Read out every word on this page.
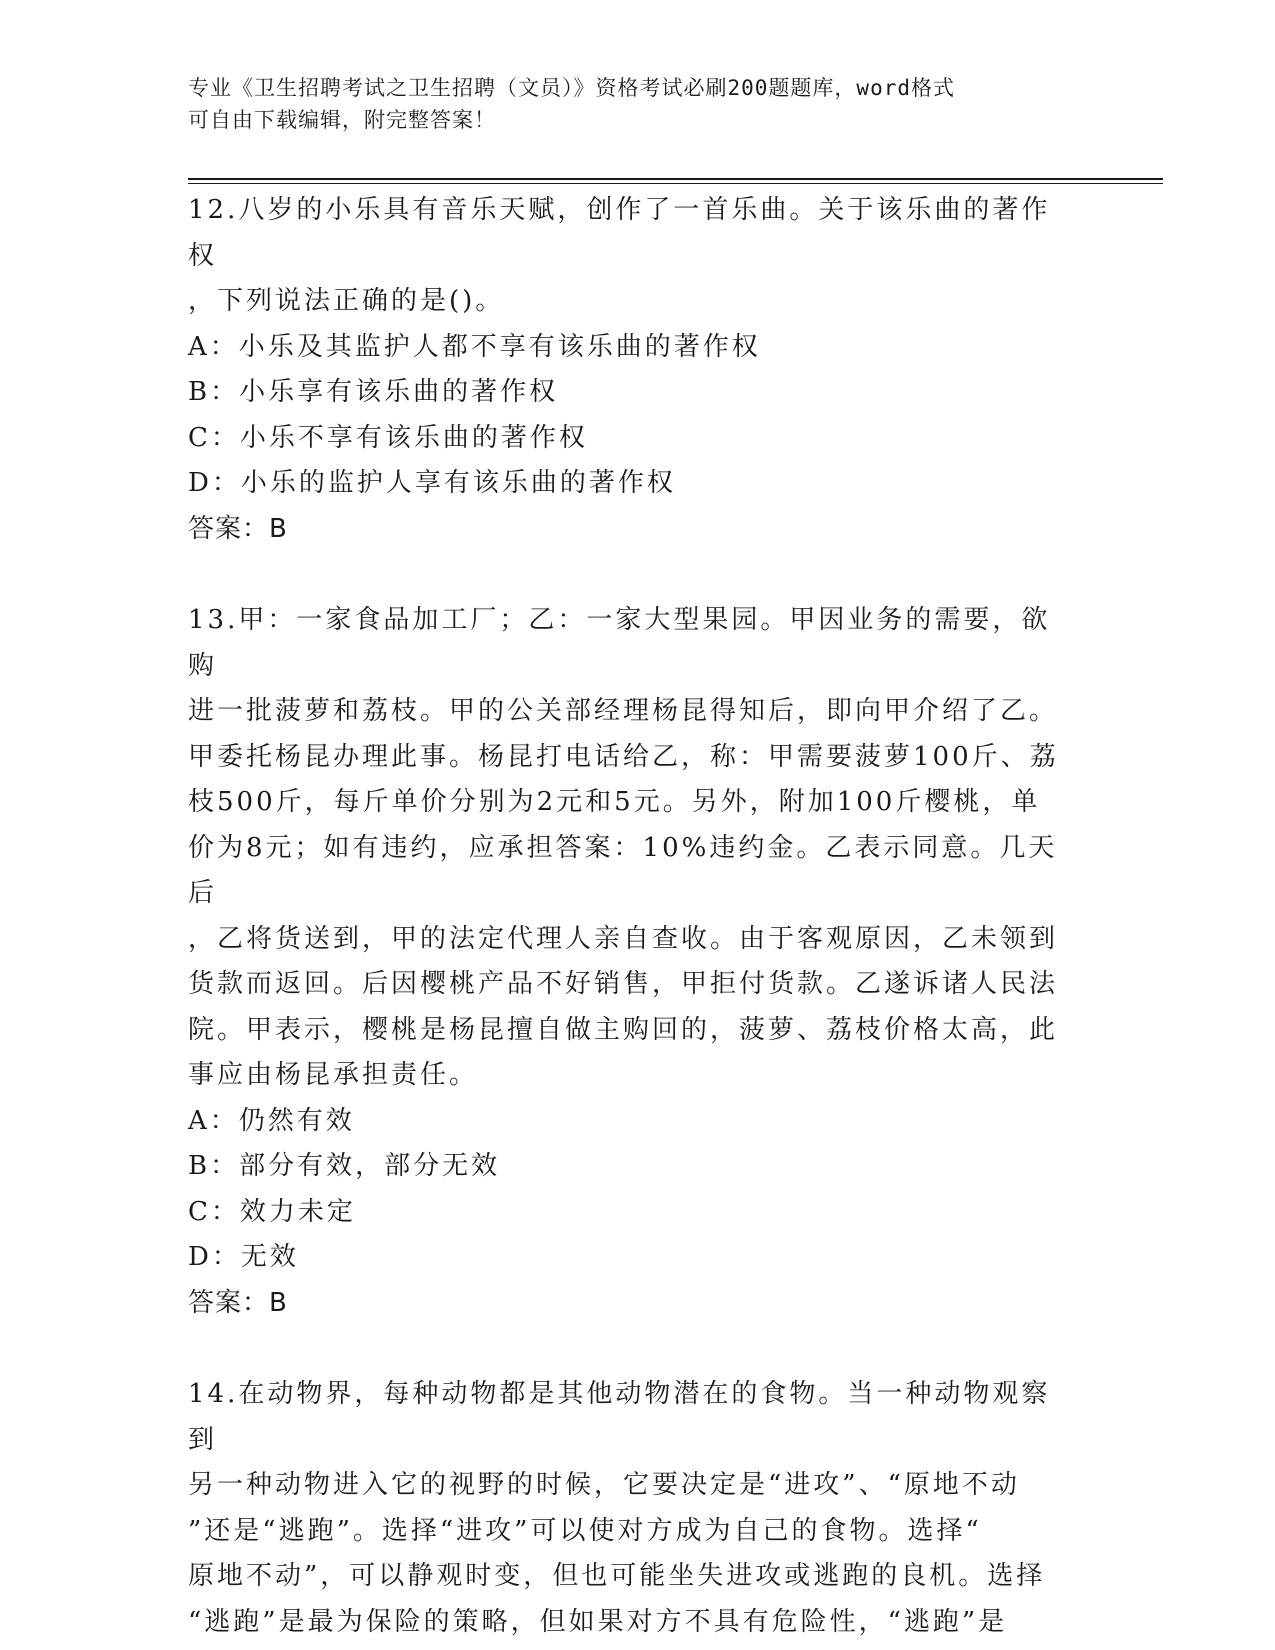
专业《卫生招聘考试之卫生招聘（文员）》资格考试必刷200题题库，word格式
可自由下载编辑，附完整答案！
12.八岁的小乐具有音乐天赋，创作了一首乐曲。关于该乐曲的著作权
，下列说法正确的是()。
A：小乐及其监护人都不享有该乐曲的著作权
B：小乐享有该乐曲的著作权
C：小乐不享有该乐曲的著作权
D：小乐的监护人享有该乐曲的著作权
答案：B
13.甲：一家食品加工厂；乙：一家大型果园。甲因业务的需要，欲购
进一批菠萝和荔枝。甲的公关部经理杨昆得知后，即向甲介绍了乙。
甲委托杨昆办理此事。杨昆打电话给乙，称：甲需要菠萝100斤、荔
枝500斤，每斤单价分别为2元和5元。另外，附加100斤樱桃，单
价为8元；如有违约，应承担答案：10%违约金。乙表示同意。几天后
，乙将货送到，甲的法定代理人亲自查收。由于客观原因，乙未领到
货款而返回。后因樱桃产品不好销售，甲拒付货款。乙遂诉诸人民法
院。甲表示，樱桃是杨昆擅自做主购回的，菠萝、荔枝价格太高，此
事应由杨昆承担责任。
A：仍然有效
B：部分有效，部分无效
C：效力未定
D：无效
答案：B
14.在动物界，每种动物都是其他动物潜在的食物。当一种动物观察到
另一种动物进入它的视野的时候，它要决定是“进攻”、“原地不动
”还是“逃跑”。选择“进攻”可以使对方成为自己的食物。选择“
原地不动”，可以静观时变，但也可能坐失进攻或逃跑的良机。选择
“逃跑”是最为保险的策略，但如果对方不具有危险性，“逃跑”是
